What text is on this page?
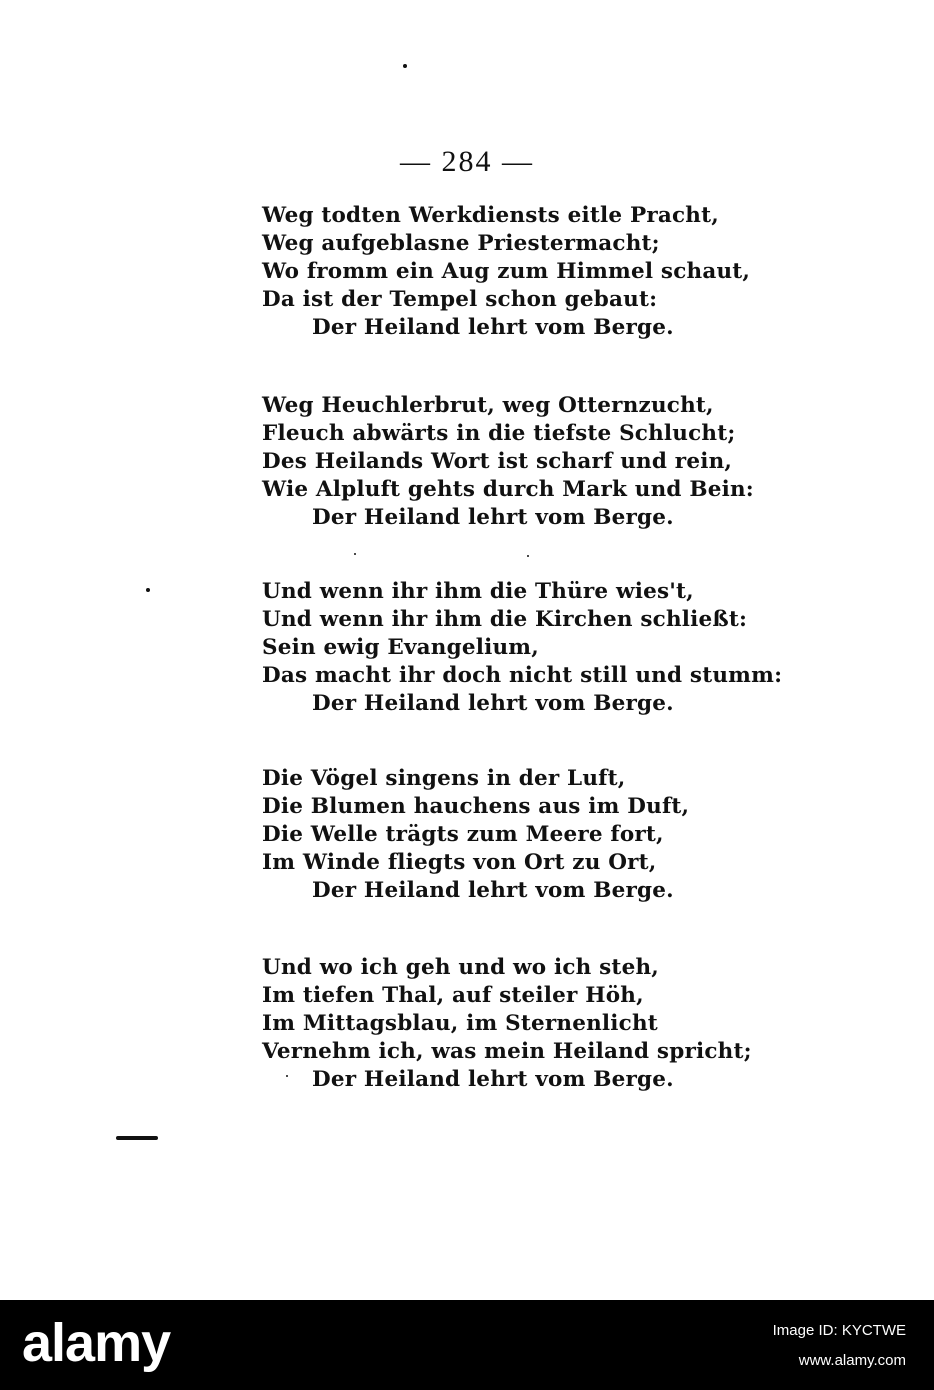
— 284 —
Weg todten Werkdiensts eitle Pracht,
Weg aufgeblasne Priestermacht;
Wo fromm ein Aug zum Himmel schaut,
Da ist der Tempel schon gebaut:
Der Heiland lehrt vom Berge.
Weg Heuchlerbrut, weg Otternzucht,
Fleuch abwärts in die tiefste Schlucht;
Des Heilands Wort ist scharf und rein,
Wie Alpluft gehts durch Mark und Bein:
Der Heiland lehrt vom Berge.
Und wenn ihr ihm die Thüre wies't,
Und wenn ihr ihm die Kirchen schließt:
Sein ewig Evangelium,
Das macht ihr doch nicht still und stumm:
Der Heiland lehrt vom Berge.
Die Vögel singens in der Luft,
Die Blumen hauchens aus im Duft,
Die Welle trägts zum Meere fort,
Im Winde fliegts von Ort zu Ort,
Der Heiland lehrt vom Berge.
Und wo ich geh und wo ich steh,
Im tiefen Thal, auf steiler Höh,
Im Mittagsblau, im Sternenlicht
Vernehm ich, was mein Heiland spricht;
Der Heiland lehrt vom Berge.
alamy	Image ID: KYCTWE
www.alamy.com
